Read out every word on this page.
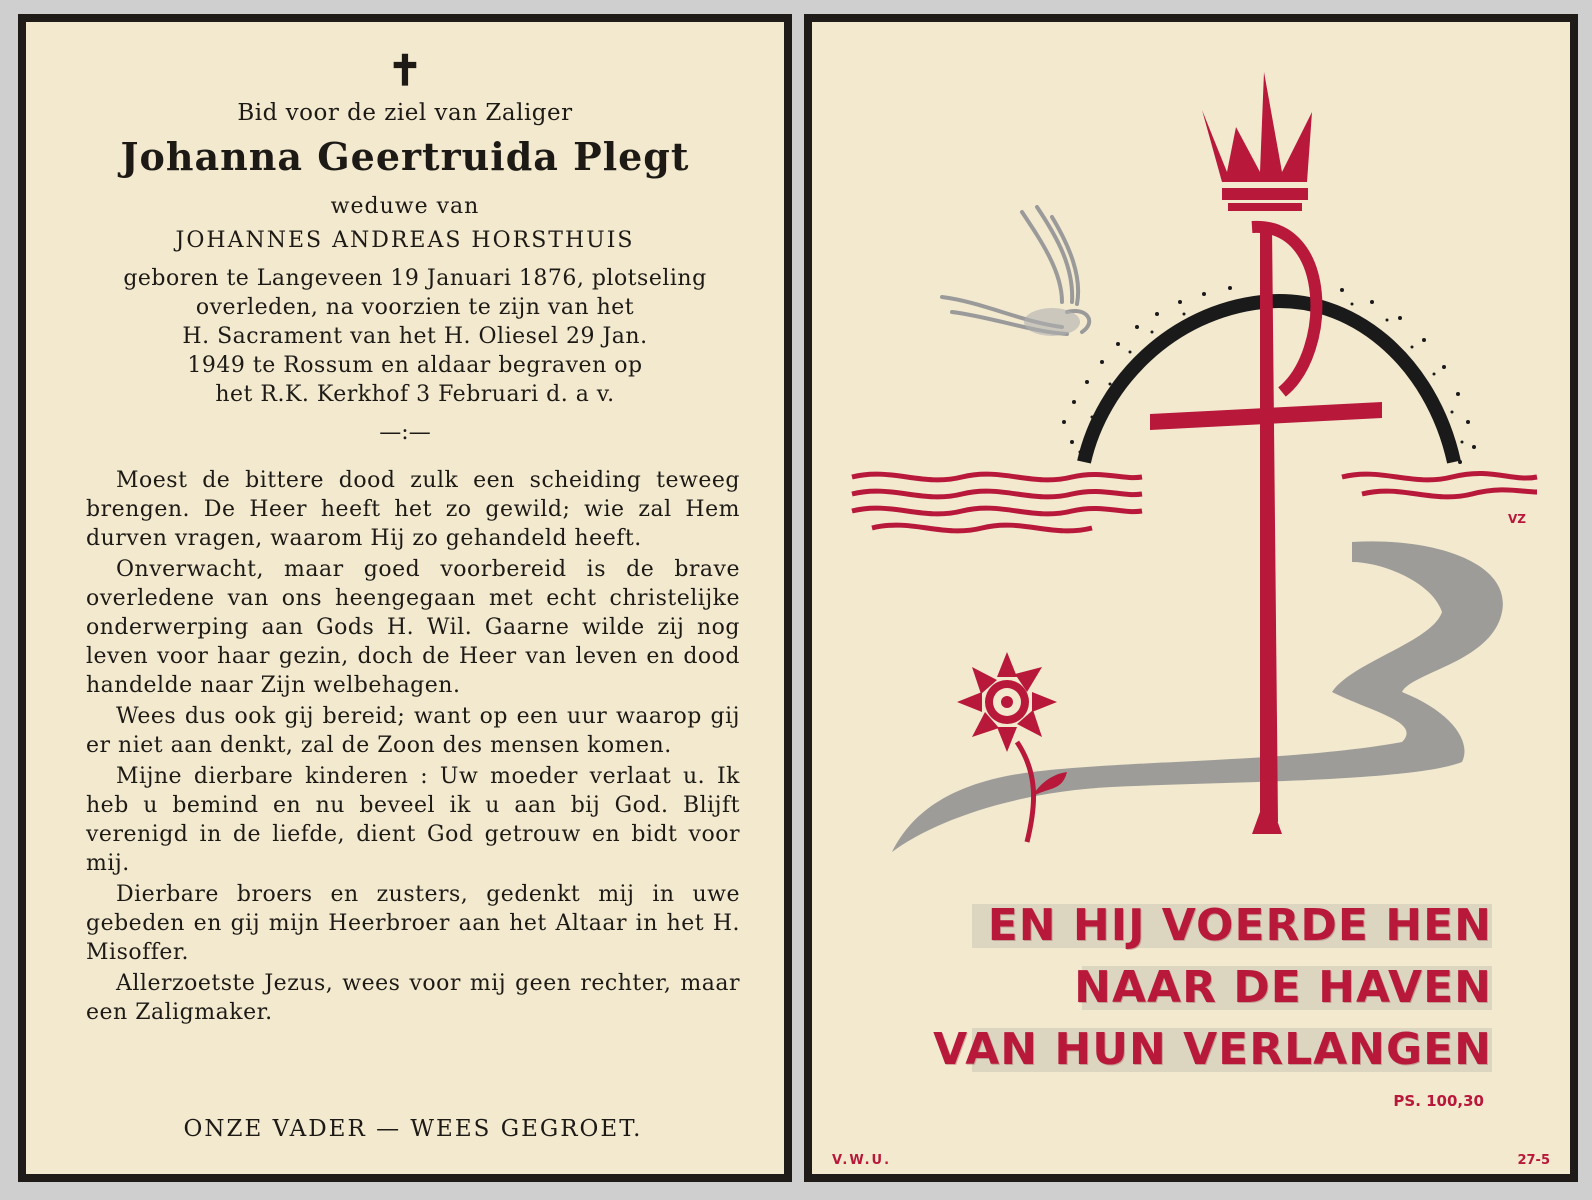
✝
Bid voor de ziel van Zaliger
Johanna Geertruida Plegt
weduwe van
JOHANNES ANDREAS HORSTHUIS
geboren te Langeveen 19 Januari 1876, plotseling
overleden, na voorzien te zijn van het
H. Sacrament van het H. Oliesel 29 Jan.
1949 te Rossum en aldaar begraven op
het R.K. Kerkhof 3 Februari d. a v.
—:—

Moest de bittere dood zulk een scheiding teweeg brengen. De Heer heeft het zo gewild; wie zal Hem durven vragen, waarom Hij zo gehandeld heeft.

Onverwacht, maar goed voorbereid is de brave overledene van ons heengegaan met echt christelijke onderwerping aan Gods H. Wil. Gaarne wilde zij nog leven voor haar gezin, doch de Heer van leven en dood handelde naar Zijn welbehagen.

Wees dus ook gij bereid; want op een uur waarop gij er niet aan denkt, zal de Zoon des mensen komen.

Mijne dierbare kinderen : Uw moeder verlaat u. Ik heb u bemind en nu beveel ik u aan bij God. Blijft verenigd in de liefde, dient God getrouw en bidt voor mij.

Dierbare broers en zusters, gedenkt mij in uwe gebeden en gij mijn Heerbroer aan het Altaar in het H. Misoffer.

Allerzoetste Jezus, wees voor mij geen rechter, maar een Zaligmaker.

ONZE VADER — WEES GEGROET.
VZ
EN HIJ VOERDE HEN
NAAR DE HAVEN
VAN HUN VERLANGEN
PS. 100,30
V.W.U.	27-5
